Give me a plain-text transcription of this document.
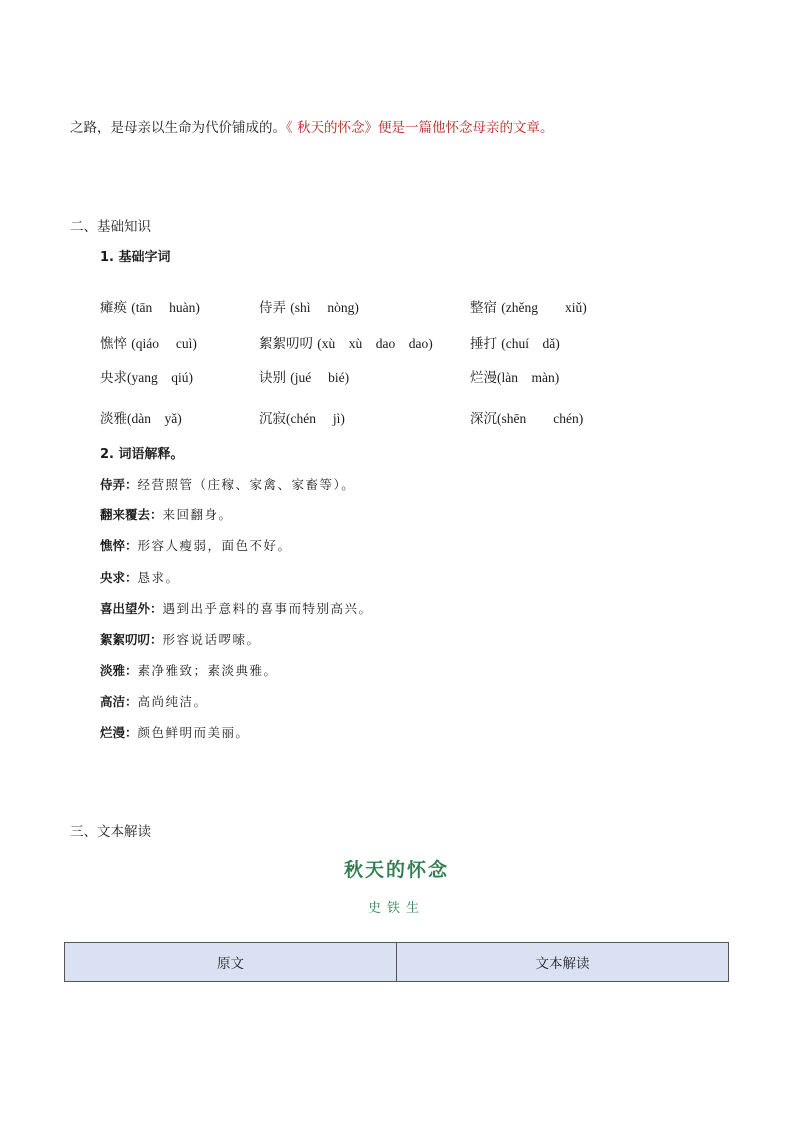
之路，是母亲以生命为代价铺成的。《 秋天的怀念》便是一篇他怀念母亲的文章。
二、基础知识
1. 基础字词
瘫痪 (tān　 huàn)	侍弄 (shì　 nòng)	整宿 (zhěng　　xiǔ)
憔悴 (qiáo　 cuì)	絮絮叨叨 (xù　xù　dao　dao)	捶打 (chuí　dǎ)
央求(yang　qiú)	诀别 (jué　 bié)	烂漫(làn　màn)
淡雅(dàn　yǎ)	沉寂(chén　 jì)	深沉(shēn　　chén)
2. 词语解释。
侍弄：经营照管（庄稼、家禽、家畜等）。
翻来覆去：来回翻身。
憔悴：形容人瘦弱，面色不好。
央求：恳求。
喜出望外：遇到出乎意料的喜事而特别高兴。
絮絮叨叨：形容说话啰嗦。
淡雅：素净雅致；素淡典雅。
高洁：高尚纯洁。
烂漫：颜色鲜明而美丽。
三、文本解读
秋天的怀念
史铁生
原文	文本解读
